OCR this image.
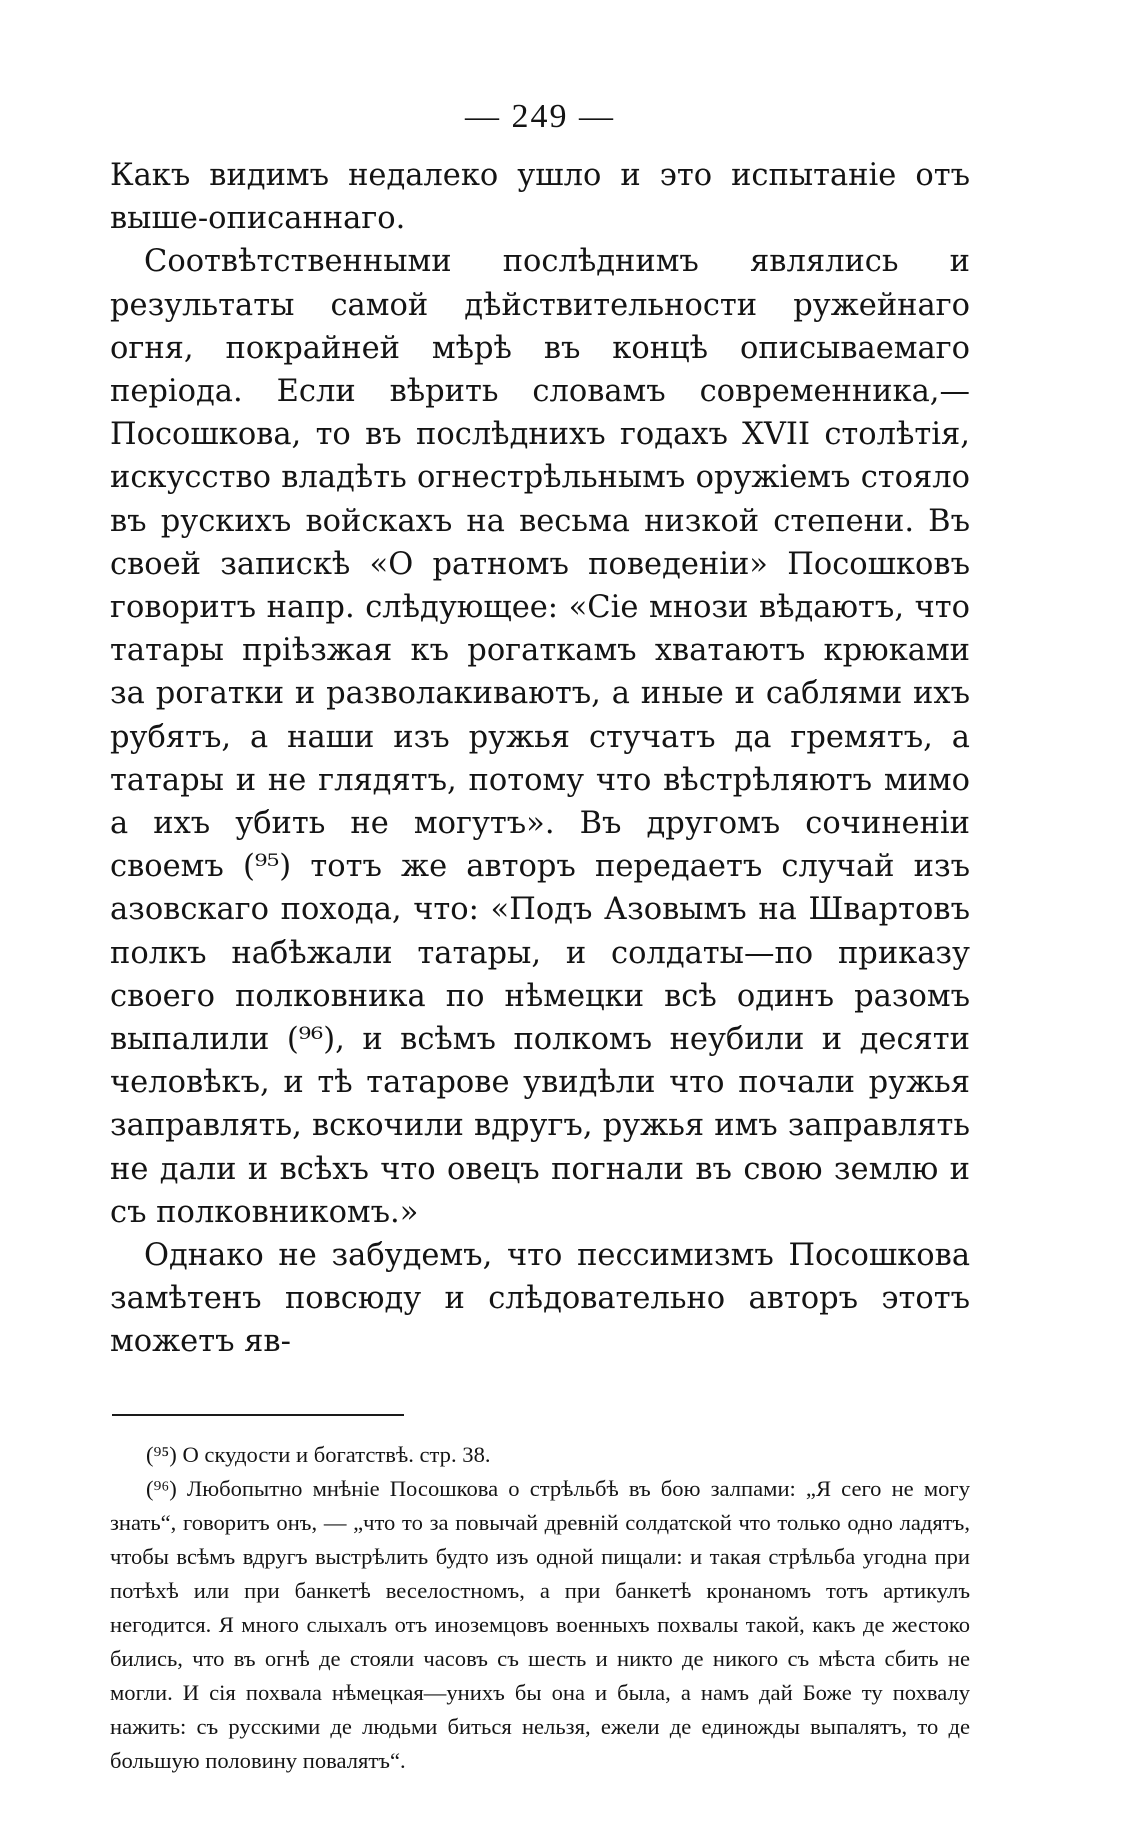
— 249 —

Какъ видимъ недалеко ушло и это испытаніе отъ выше-описаннаго.

Соотвѣтственными послѣднимъ являлись и результаты самой дѣйствительности ружейнаго огня, покрайней мѣрѣ въ концѣ описываемаго періода. Если вѣрить словамъ современника,—Посошкова, то въ послѣднихъ годахъ XVII столѣтія, искусство владѣть огнестрѣльнымъ оружіемъ стояло въ рускихъ войскахъ на весьма низкой степени. Въ своей запискѣ «О ратномъ поведеніи» Посошковъ говоритъ напр. слѣдующее: «Сіе мнози вѣдаютъ, что татары пріѣзжая къ рогаткамъ хватаютъ крюками за рогатки и разволакиваютъ, а иные и саблями ихъ рубятъ, а наши изъ ружья стучатъ да гремятъ, а татары и не глядятъ, потому что вѣстрѣляютъ мимо а ихъ убить не могутъ». Въ другомъ сочиненіи своемъ (⁹⁵) тотъ же авторъ передаетъ случай изъ азовскаго похода, что: «Подъ Азовымъ на Швартовъ полкъ набѣжали татары, и солдаты—по приказу своего полковника по нѣмецки всѣ одинъ разомъ выпалили (⁹⁶), и всѣмъ полкомъ неубили и десяти человѣкъ, и тѣ татарове увидѣли что почали ружья заправлять, вскочили вдругъ, ружья имъ заправлять не дали и всѣхъ что овецъ погнали въ свою землю и съ полковникомъ.»

Однако не забудемъ, что пессимизмъ Посошкова замѣтенъ повсюду и слѣдовательно авторъ этотъ можетъ яв-

(⁹⁵) О скудости и богатствѣ. стр. 38.

(⁹⁶) Любопытно мнѣніе Посошкова о стрѣльбѣ въ бою залпами: „Я сего не могу знать“, говоритъ онъ, — „что то за повычай древній солдатской что только одно ладятъ, чтобы всѣмъ вдругъ выстрѣлить будто изъ одной пищали: и такая стрѣльба угодна при потѣхѣ или при банкетѣ веселостномъ, а при банкетѣ кронаномъ тотъ артикулъ негодится. Я много слыхалъ отъ иноземцовъ военныхъ похвалы такой, какъ де жестоко бились, что въ огнѣ де стояли часовъ съ шесть и никто де никого съ мѣста сбить не могли. И сія похвала нѣмецкая—униxъ бы она и была, а намъ дай Боже ту похвалу нажить: съ русскими де людьми биться нельзя, ежели де единожды выпалятъ, то де большую половину повалятъ“.
